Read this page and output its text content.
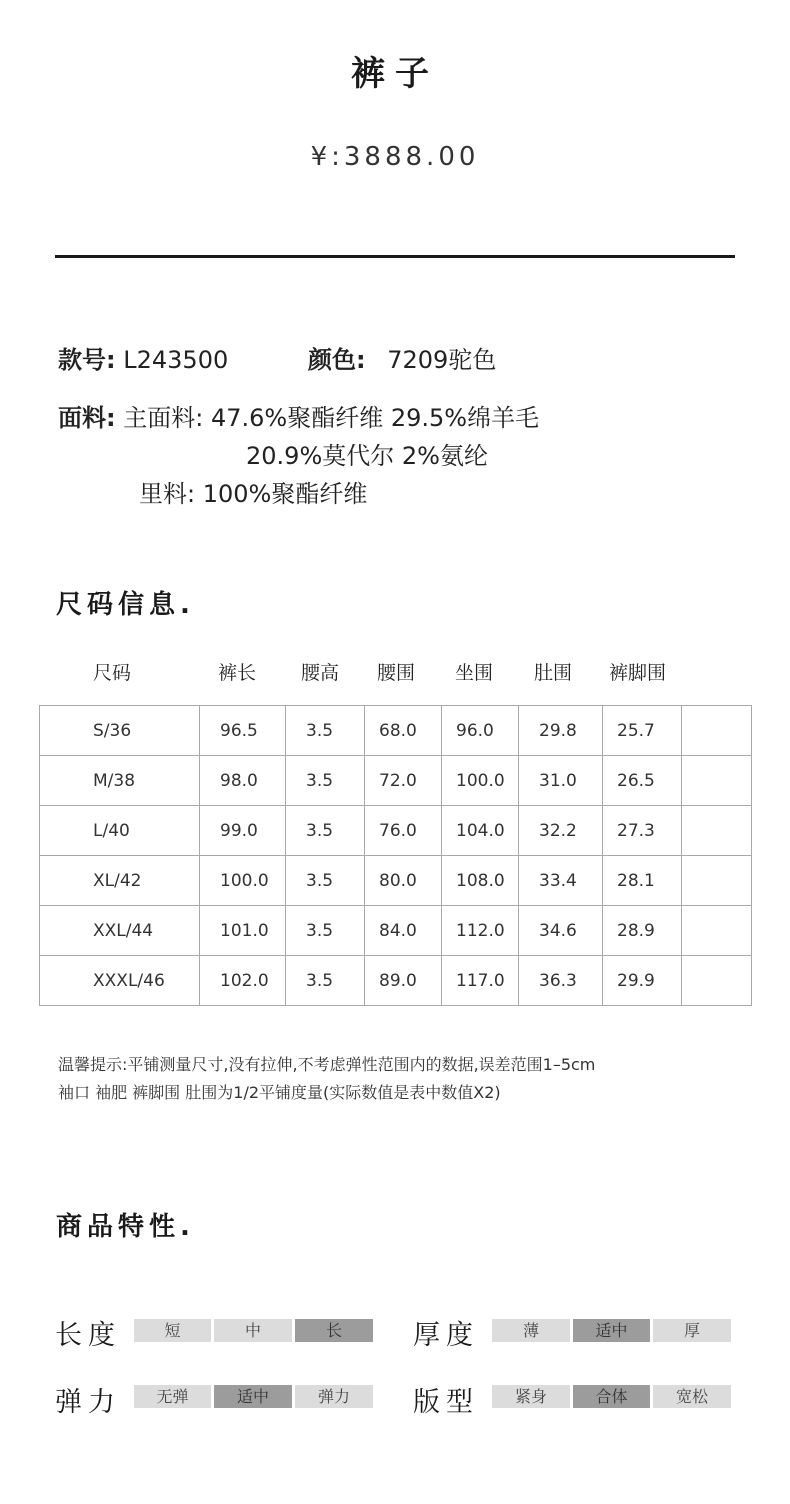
裤子
¥:3888.00
款号: L243500	颜色: 7209驼色
面料: 主面料: 47.6%聚酯纤维 29.5%绵羊毛
20.9%莫代尔 2%氨纶
里料: 100%聚酯纤维
尺码信息.
尺码	裤长 腰高 腰围 坐围 肚围 裤脚围
S/36	96.5	3.5	68.0	96.0	29.8	25.7	
M/38	98.0	3.5	72.0	100.0	31.0	26.5	
L/40	99.0	3.5	76.0	104.0	32.2	27.3	
XL/42	100.0	3.5	80.0	108.0	33.4	28.1	
XXL/44	101.0	3.5	84.0	112.0	34.6	28.9	
XXXL/46	102.0	3.5	89.0	117.0	36.3	29.9	
温馨提示:平铺测量尺寸,没有拉伸,不考虑弹性范围内的数据,误差范围1–5cm
袖口 袖肥 裤脚围 肚围为1/2平铺度量(实际数值是表中数值X2)
商品特性.
长度	短	中	长	厚度	薄	适中	厚
弹力	无弹	适中	弹力	版型	紧身	合体	宽松
